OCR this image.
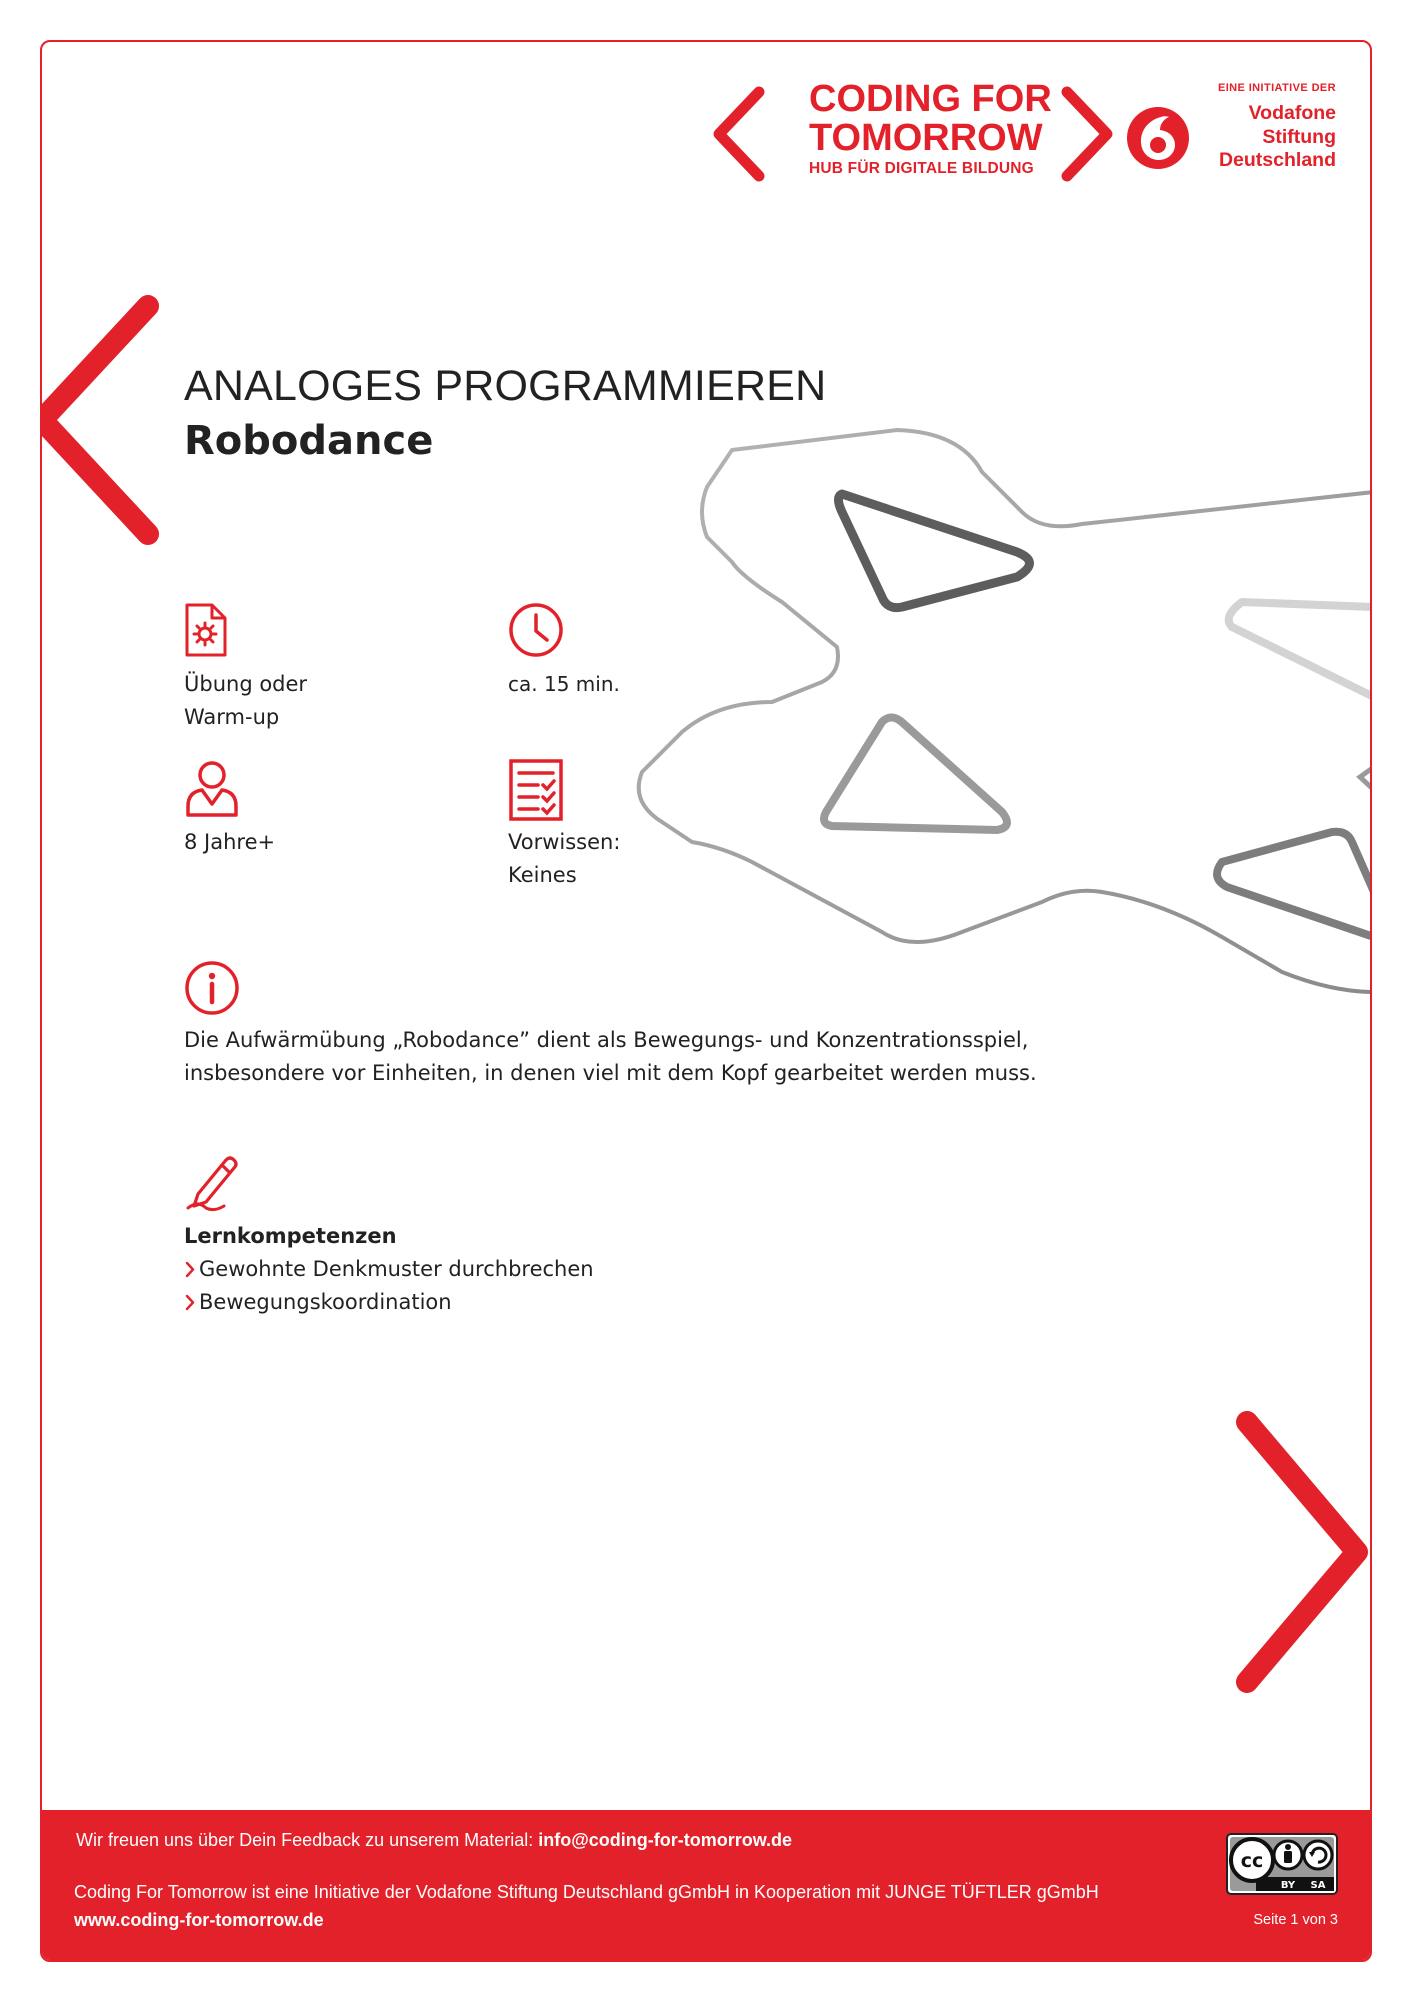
CODING FOR
TOMORROW
HUB FÜR DIGITALE BILDUNG
EINE INITIATIVE DER
Vodafone
Stiftung
Deutschland
ANALOGES PROGRAMMIEREN
Robodance
Übung oder
Warm-up
ca. 15 min.
8 Jahre+	Vorwissen:
Keines
Die Aufwärmübung „Robodance” dient als Bewegungs- und Konzentrationsspiel,
insbesondere vor Einheiten, in denen viel mit dem Kopf gearbeitet werden muss.
Lernkompetenzen
Gewohnte Denkmuster durchbrechen
Bewegungskoordination
Wir freuen uns über Dein Feedback zu unserem Material: info@coding-for-tomorrow.de
Coding For Tomorrow ist eine Initiative der Vodafone Stiftung Deutschland gGmbH in Kooperation mit JUNGE TÜFTLER gGmbH
www.coding-for-tomorrow.de
cc
BY SA
Seite 1 von 3
